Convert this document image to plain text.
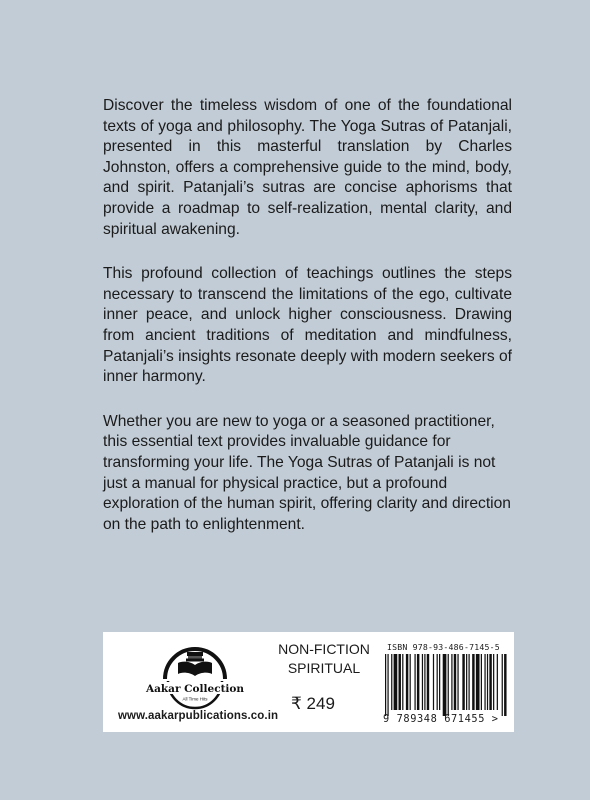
Discover the timeless wisdom of one of the foundational texts of yoga and philosophy. The Yoga Sutras of Patanjali, presented in this masterful translation by Charles Johnston, offers a comprehensive guide to the mind, body, and spirit. Patanjali’s sutras are concise aphorisms that provide a roadmap to self-realization, mental clarity, and spiritual awakening.

This profound collection of teachings outlines the steps necessary to transcend the limitations of the ego, cultivate inner peace, and unlock higher consciousness. Drawing from ancient traditions of meditation and mindfulness, Patanjali’s insights resonate deeply with modern seekers of inner harmony.

Whether you are new to yoga or a seasoned practitioner, this essential text provides invaluable guidance for transforming your life. The Yoga Sutras of Patanjali is not just a manual for physical practice, but a profound exploration of the human spirit, offering clarity and direction on the path to enlightenment.

Aakar Collection
All Time Hits
www.aakarpublications.co.in
NON-FICTION
SPIRITUAL
₹ 249
ISBN 978-93-486-7145-5
9 789348 671455 >
